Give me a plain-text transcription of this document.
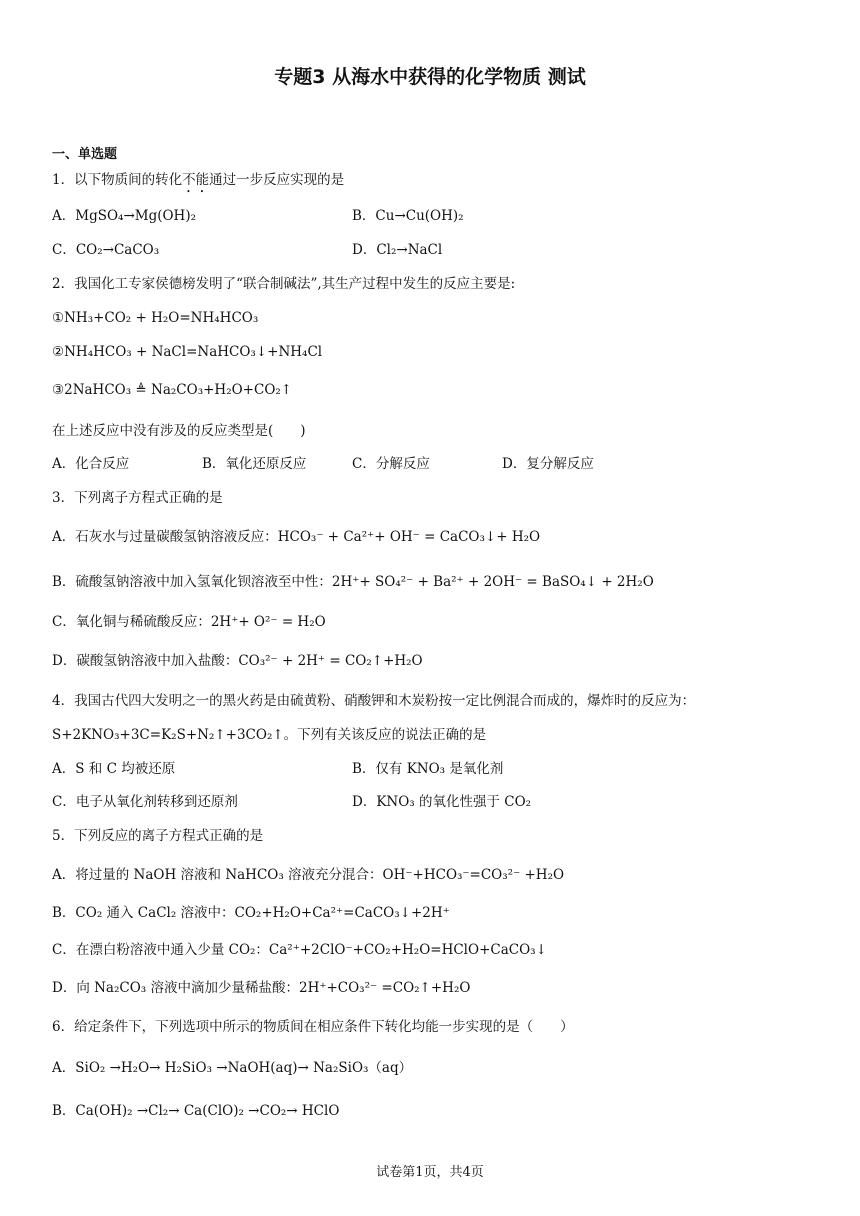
专题3 从海水中获得的化学物质 测试
一、单选题
1．以下物质间的转化不能通过一步反应实现的是
A．MgSO₄→Mg(OH)₂	B．Cu→Cu(OH)₂
C．CO₂→CaCO₃	D．Cl₂→NaCl
2．我国化工专家侯德榜发明了“联合制碱法”,其生产过程中发生的反应主要是:
①NH₃+CO₂ + H₂O=NH₄HCO₃
②NH₄HCO₃ + NaCl=NaHCO₃↓+NH₄Cl
③2NaHCO₃ ≜ Na₂CO₃+H₂O+CO₂↑
在上述反应中没有涉及的反应类型是(　　)
A．化合反应	B．氧化还原反应	C．分解反应	D．复分解反应
3．下列离子方程式正确的是
A．石灰水与过量碳酸氢钠溶液反应：HCO₃⁻ + Ca²⁺+ OH⁻ = CaCO₃↓+ H₂O
B．硫酸氢钠溶液中加入氢氧化钡溶液至中性：2H⁺+ SO₄²⁻ + Ba²⁺ + 2OH⁻ = BaSO₄↓ + 2H₂O
C．氧化铜与稀硫酸反应：2H⁺+ O²⁻ = H₂O
D．碳酸氢钠溶液中加入盐酸：CO₃²⁻ + 2H⁺ = CO₂↑+H₂O
4．我国古代四大发明之一的黑火药是由硫黄粉、硝酸钾和木炭粉按一定比例混合而成的，爆炸时的反应为：
S+2KNO₃+3C=K₂S+N₂↑+3CO₂↑。下列有关该反应的说法正确的是
A．S 和 C 均被还原	B．仅有 KNO₃ 是氧化剂
C．电子从氧化剂转移到还原剂	D．KNO₃ 的氧化性强于 CO₂
5．下列反应的离子方程式正确的是
A．将过量的 NaOH 溶液和 NaHCO₃ 溶液充分混合：OH⁻+HCO₃⁻=CO₃²⁻ +H₂O
B．CO₂ 通入 CaCl₂ 溶液中：CO₂+H₂O+Ca²⁺=CaCO₃↓+2H⁺
C．在漂白粉溶液中通入少量 CO₂：Ca²⁺+2ClO⁻+CO₂+H₂O=HClO+CaCO₃↓
D．向 Na₂CO₃ 溶液中滴加少量稀盐酸：2H⁺+CO₃²⁻ =CO₂↑+H₂O
6．给定条件下，下列选项中所示的物质间在相应条件下转化均能一步实现的是（　　）
A．SiO₂ →H₂O→ H₂SiO₃ →NaOH(aq)→ Na₂SiO₃（aq）
B．Ca(OH)₂ →Cl₂→ Ca(ClO)₂ →CO₂→ HClO
试卷第1页，共4页
